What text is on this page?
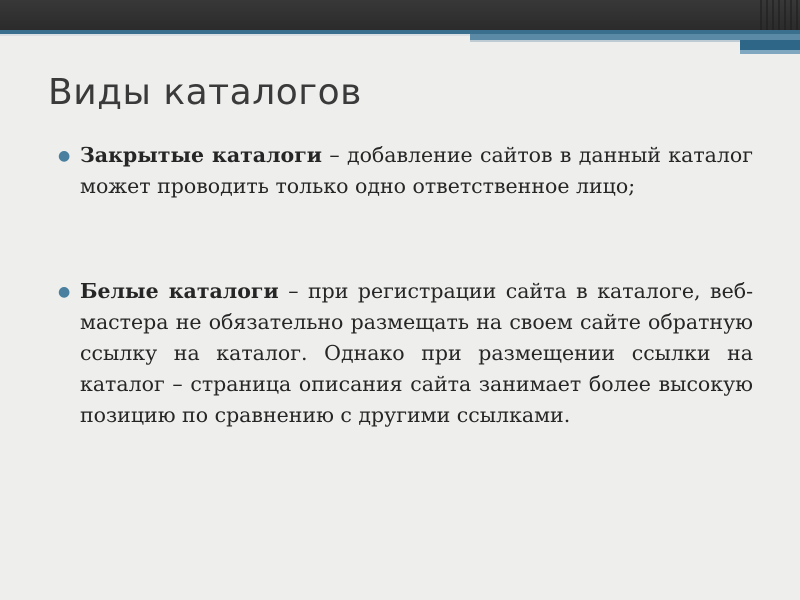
Виды каталогов
● Закрытые каталоги – добавление сайтов в данный каталог может проводить только одно ответственное лицо;
● Белые каталоги – при регистрации сайта в каталоге, веб-мастера не обязательно размещать на своем сайте обратную ссылку на каталог. Однако при размещении ссылки на каталог – страница описания сайта занимает более высокую позицию по сравнению с другими ссылками.
